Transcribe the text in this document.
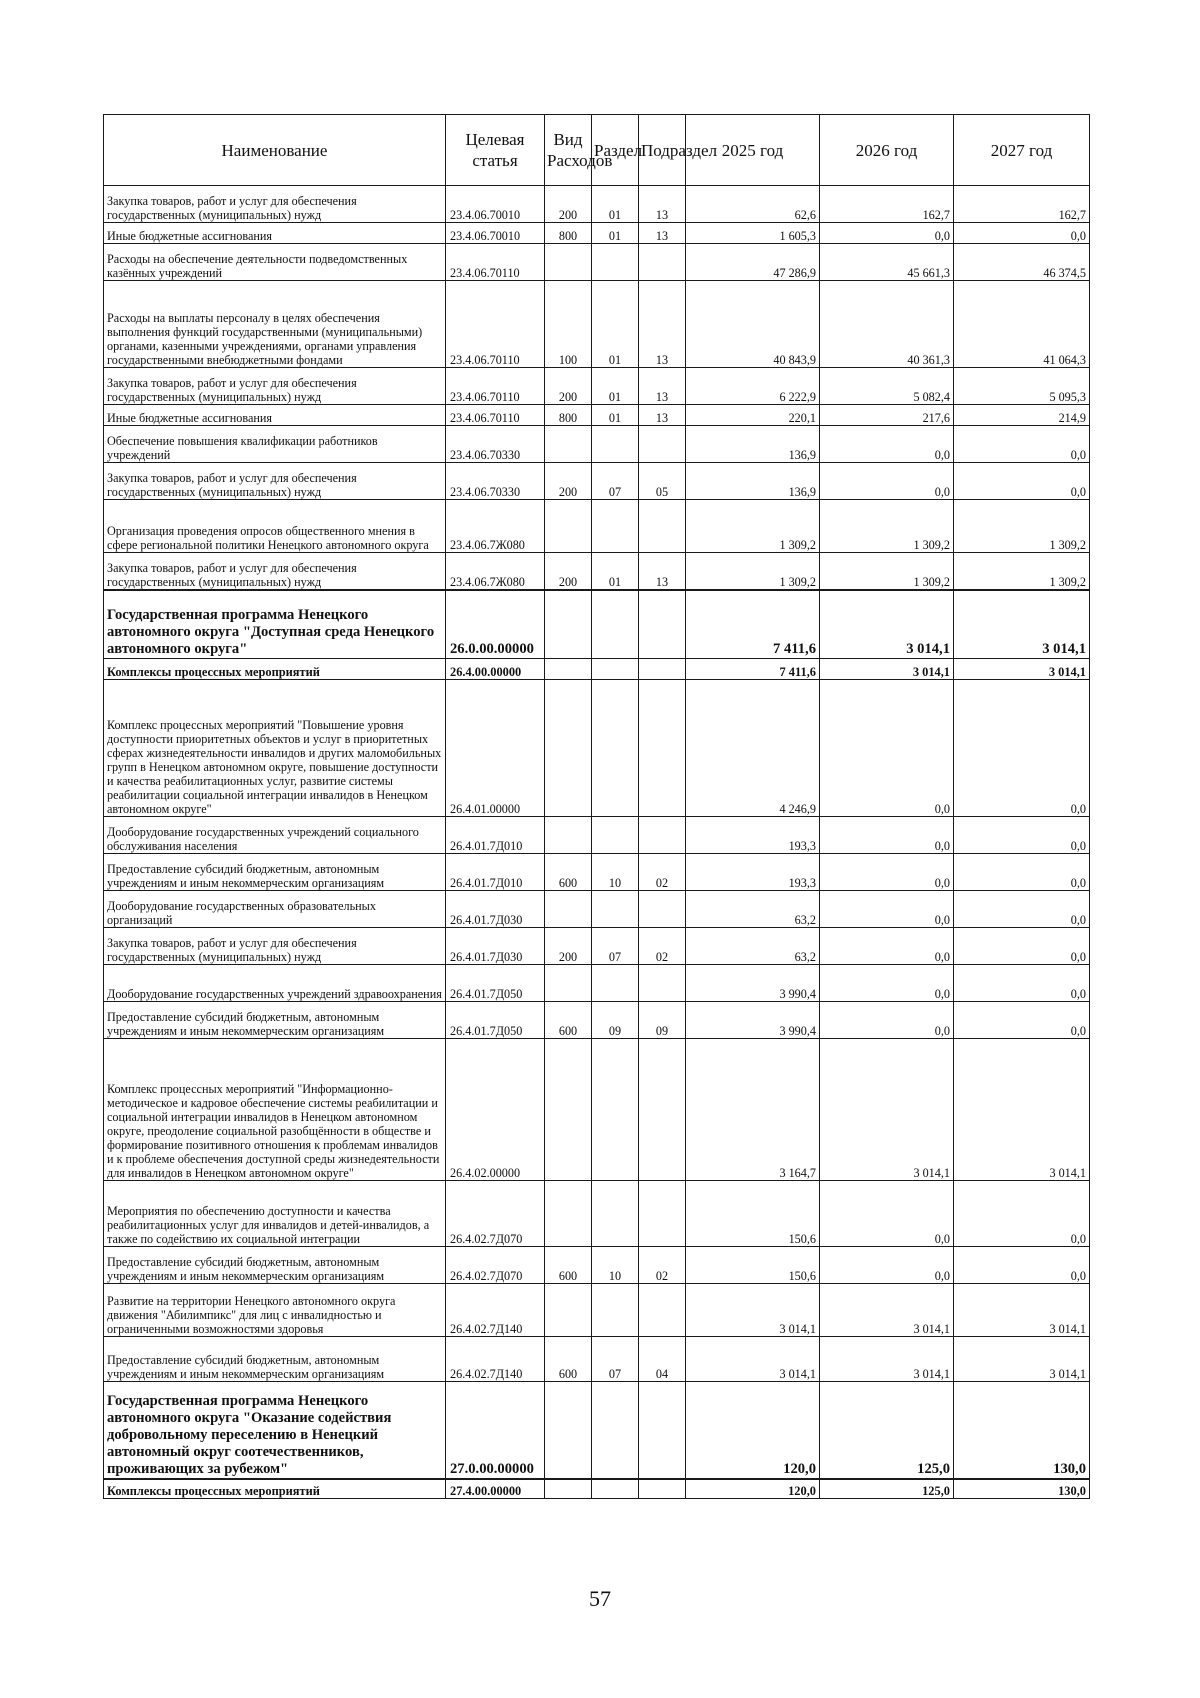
Наименование	Целевая статья	Вид Расходов	Раздел	Подраздел	2025 год	2026 год	2027 год
Закупка товаров, работ и услуг для обеспечения государственных (муниципальных) нужд	23.4.06.70010	200	01	13	62,6	162,7	162,7
Иные бюджетные ассигнования	23.4.06.70010	800	01	13	1 605,3	0,0	0,0
Расходы на обеспечение деятельности подведомственных казённых учреждений	23.4.06.70110				47 286,9	45 661,3	46 374,5
Расходы на выплаты персоналу в целях обеспечения выполнения функций государственными (муниципальными) органами, казенными учреждениями, органами управления государственными внебюджетными фондами	23.4.06.70110	100	01	13	40 843,9	40 361,3	41 064,3
Закупка товаров, работ и услуг для обеспечения государственных (муниципальных) нужд	23.4.06.70110	200	01	13	6 222,9	5 082,4	5 095,3
Иные бюджетные ассигнования	23.4.06.70110	800	01	13	220,1	217,6	214,9
Обеспечение повышения квалификации работников учреждений	23.4.06.70330				136,9	0,0	0,0
Закупка товаров, работ и услуг для обеспечения государственных (муниципальных) нужд	23.4.06.70330	200	07	05	136,9	0,0	0,0
Организация проведения опросов общественного мнения в сфере региональной политики Ненецкого автономного округа	23.4.06.7Ж080				1 309,2	1 309,2	1 309,2
Закупка товаров, работ и услуг для обеспечения государственных (муниципальных) нужд	23.4.06.7Ж080	200	01	13	1 309,2	1 309,2	1 309,2
Государственная программа Ненецкого автономного округа "Доступная среда Ненецкого автономного округа"	26.0.00.00000				7 411,6	3 014,1	3 014,1
Комплексы процессных мероприятий	26.4.00.00000				7 411,6	3 014,1	3 014,1
Комплекс процессных мероприятий "Повышение уровня доступности приоритетных объектов и услуг в приоритетных сферах жизнедеятельности инвалидов и других маломобильных групп в Ненецком автономном округе, повышение доступности и качества реабилитационных услуг, развитие системы реабилитации социальной интеграции инвалидов в Ненецком автономном округе"	26.4.01.00000				4 246,9	0,0	0,0
Дооборудование государственных учреждений социального обслуживания населения	26.4.01.7Д010				193,3	0,0	0,0
Предоставление субсидий бюджетным, автономным учреждениям и иным некоммерческим организациям	26.4.01.7Д010	600	10	02	193,3	0,0	0,0
Дооборудование государственных образовательных организаций	26.4.01.7Д030				63,2	0,0	0,0
Закупка товаров, работ и услуг для обеспечения государственных (муниципальных) нужд	26.4.01.7Д030	200	07	02	63,2	0,0	0,0
Дооборудование государственных учреждений здравоохранения	26.4.01.7Д050				3 990,4	0,0	0,0
Предоставление субсидий бюджетным, автономным учреждениям и иным некоммерческим организациям	26.4.01.7Д050	600	09	09	3 990,4	0,0	0,0
Комплекс процессных мероприятий "Информационно-методическое и кадровое обеспечение системы реабилитации и социальной интеграции инвалидов в Ненецком автономном округе, преодоление социальной разобщённости в обществе и формирование позитивного отношения к проблемам инвалидов и к проблеме обеспечения доступной среды жизнедеятельности для инвалидов в Ненецком автономном округе"	26.4.02.00000				3 164,7	3 014,1	3 014,1
Мероприятия по обеспечению доступности и качества реабилитационных услуг для инвалидов и детей-инвалидов, а также по содействию их социальной интеграции	26.4.02.7Д070				150,6	0,0	0,0
Предоставление субсидий бюджетным, автономным учреждениям и иным некоммерческим организациям	26.4.02.7Д070	600	10	02	150,6	0,0	0,0
Развитие на территории Ненецкого автономного округа движения "Абилимпикс" для лиц с инвалидностью и ограниченными возможностями здоровья	26.4.02.7Д140				3 014,1	3 014,1	3 014,1
Предоставление субсидий бюджетным, автономным учреждениям и иным некоммерческим организациям	26.4.02.7Д140	600	07	04	3 014,1	3 014,1	3 014,1
Государственная программа Ненецкого автономного округа "Оказание содействия добровольному переселению в Ненецкий автономный округ соотечественников, проживающих за рубежом"	27.0.00.00000				120,0	125,0	130,0
Комплексы процессных мероприятий	27.4.00.00000				120,0	125,0	130,0
57
